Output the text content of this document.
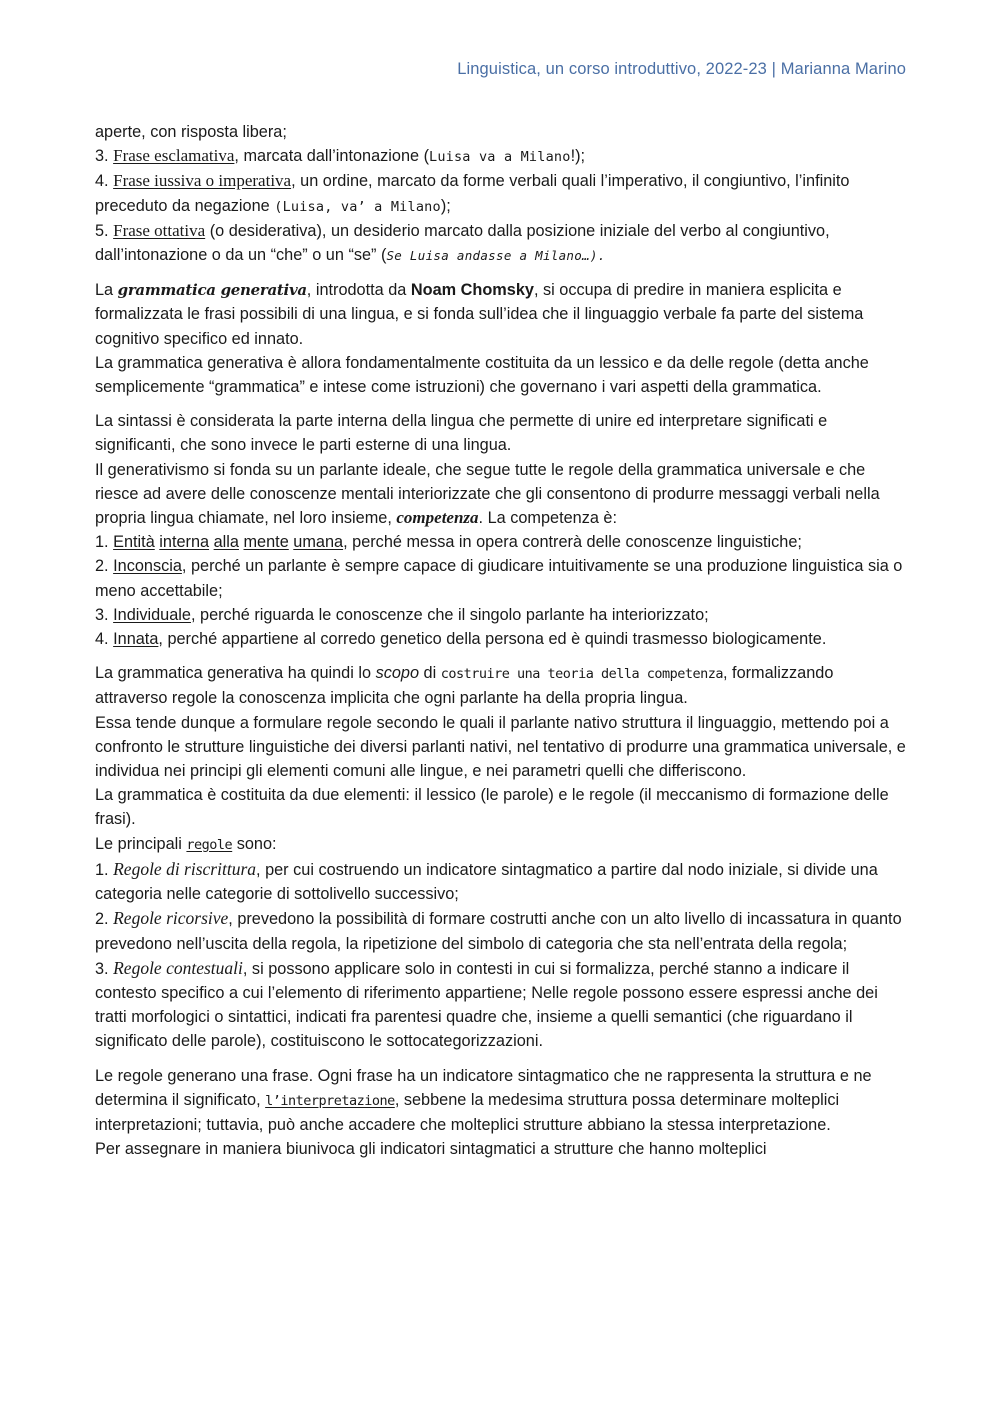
Linguistica, un corso introduttivo, 2022-23 | Marianna Marino

aperte, con risposta libera;

3. Frase esclamativa, marcata dall’intonazione (Luisa va a Milano!);

4. Frase iussiva o imperativa, un ordine, marcato da forme verbali quali l’imperativo, il congiuntivo, l’infinito preceduto da negazione (Luisa, va’ a Milano);

5. Frase ottativa (o desiderativa), un desiderio marcato dalla posizione iniziale del verbo al congiuntivo, dall’intonazione o da un “che” o un “se” (Se Luisa andasse a Milano…).

La grammatica generativa, introdotta da Noam Chomsky, si occupa di predire in maniera esplicita e formalizzata le frasi possibili di una lingua, e si fonda sull’idea che il linguaggio verbale fa parte del sistema cognitivo specifico ed innato.

La grammatica generativa è allora fondamentalmente costituita da un lessico e da delle regole (detta anche semplicemente “grammatica” e intese come istruzioni) che governano i vari aspetti della grammatica.

La sintassi è considerata la parte interna della lingua che permette di unire ed interpretare significati e significanti, che sono invece le parti esterne di una lingua.

Il generativismo si fonda su un parlante ideale, che segue tutte le regole della grammatica universale e che riesce ad avere delle conoscenze mentali interiorizzate che gli consentono di produrre messaggi verbali nella propria lingua chiamate, nel loro insieme, competenza. La competenza è:

1. Entità interna alla mente umana, perché messa in opera contrerà delle conoscenze linguistiche;

2. Inconscia, perché un parlante è sempre capace di giudicare intuitivamente se una produzione linguistica sia o meno accettabile;

3. Individuale, perché riguarda le conoscenze che il singolo parlante ha interiorizzato;

4. Innata, perché appartiene al corredo genetico della persona ed è quindi trasmesso biologicamente.

La grammatica generativa ha quindi lo scopo di costruire una teoria della competenza, formalizzando attraverso regole la conoscenza implicita che ogni parlante ha della propria lingua.

Essa tende dunque a formulare regole secondo le quali il parlante nativo struttura il linguaggio, mettendo poi a confronto le strutture linguistiche dei diversi parlanti nativi, nel tentativo di produrre una grammatica universale, e individua nei principi gli elementi comuni alle lingue, e nei parametri quelli che differiscono.

La grammatica è costituita da due elementi: il lessico (le parole) e le regole (il meccanismo di formazione delle frasi).

Le principali regole sono:

1. Regole di riscrittura, per cui costruendo un indicatore sintagmatico a partire dal nodo iniziale, si divide una categoria nelle categorie di sottolivello successivo;

2. Regole ricorsive, prevedono la possibilità di formare costrutti anche con un alto livello di incassatura in quanto prevedono nell’uscita della regola, la ripetizione del simbolo di categoria che sta nell’entrata della regola;

3. Regole contestuali, si possono applicare solo in contesti in cui si formalizza, perché stanno a indicare il contesto specifico a cui l’elemento di riferimento appartiene; Nelle regole possono essere espressi anche dei tratti morfologici o sintattici, indicati fra parentesi quadre che, insieme a quelli semantici (che riguardano il significato delle parole), costituiscono le sottocategorizzazioni.

Le regole generano una frase. Ogni frase ha un indicatore sintagmatico che ne rappresenta la struttura e ne determina il significato, l’interpretazione, sebbene la medesima struttura possa determinare molteplici interpretazioni; tuttavia, può anche accadere che molteplici strutture abbiano la stessa interpretazione.

Per assegnare in maniera biunivoca gli indicatori sintagmatici a strutture che hanno molteplici
